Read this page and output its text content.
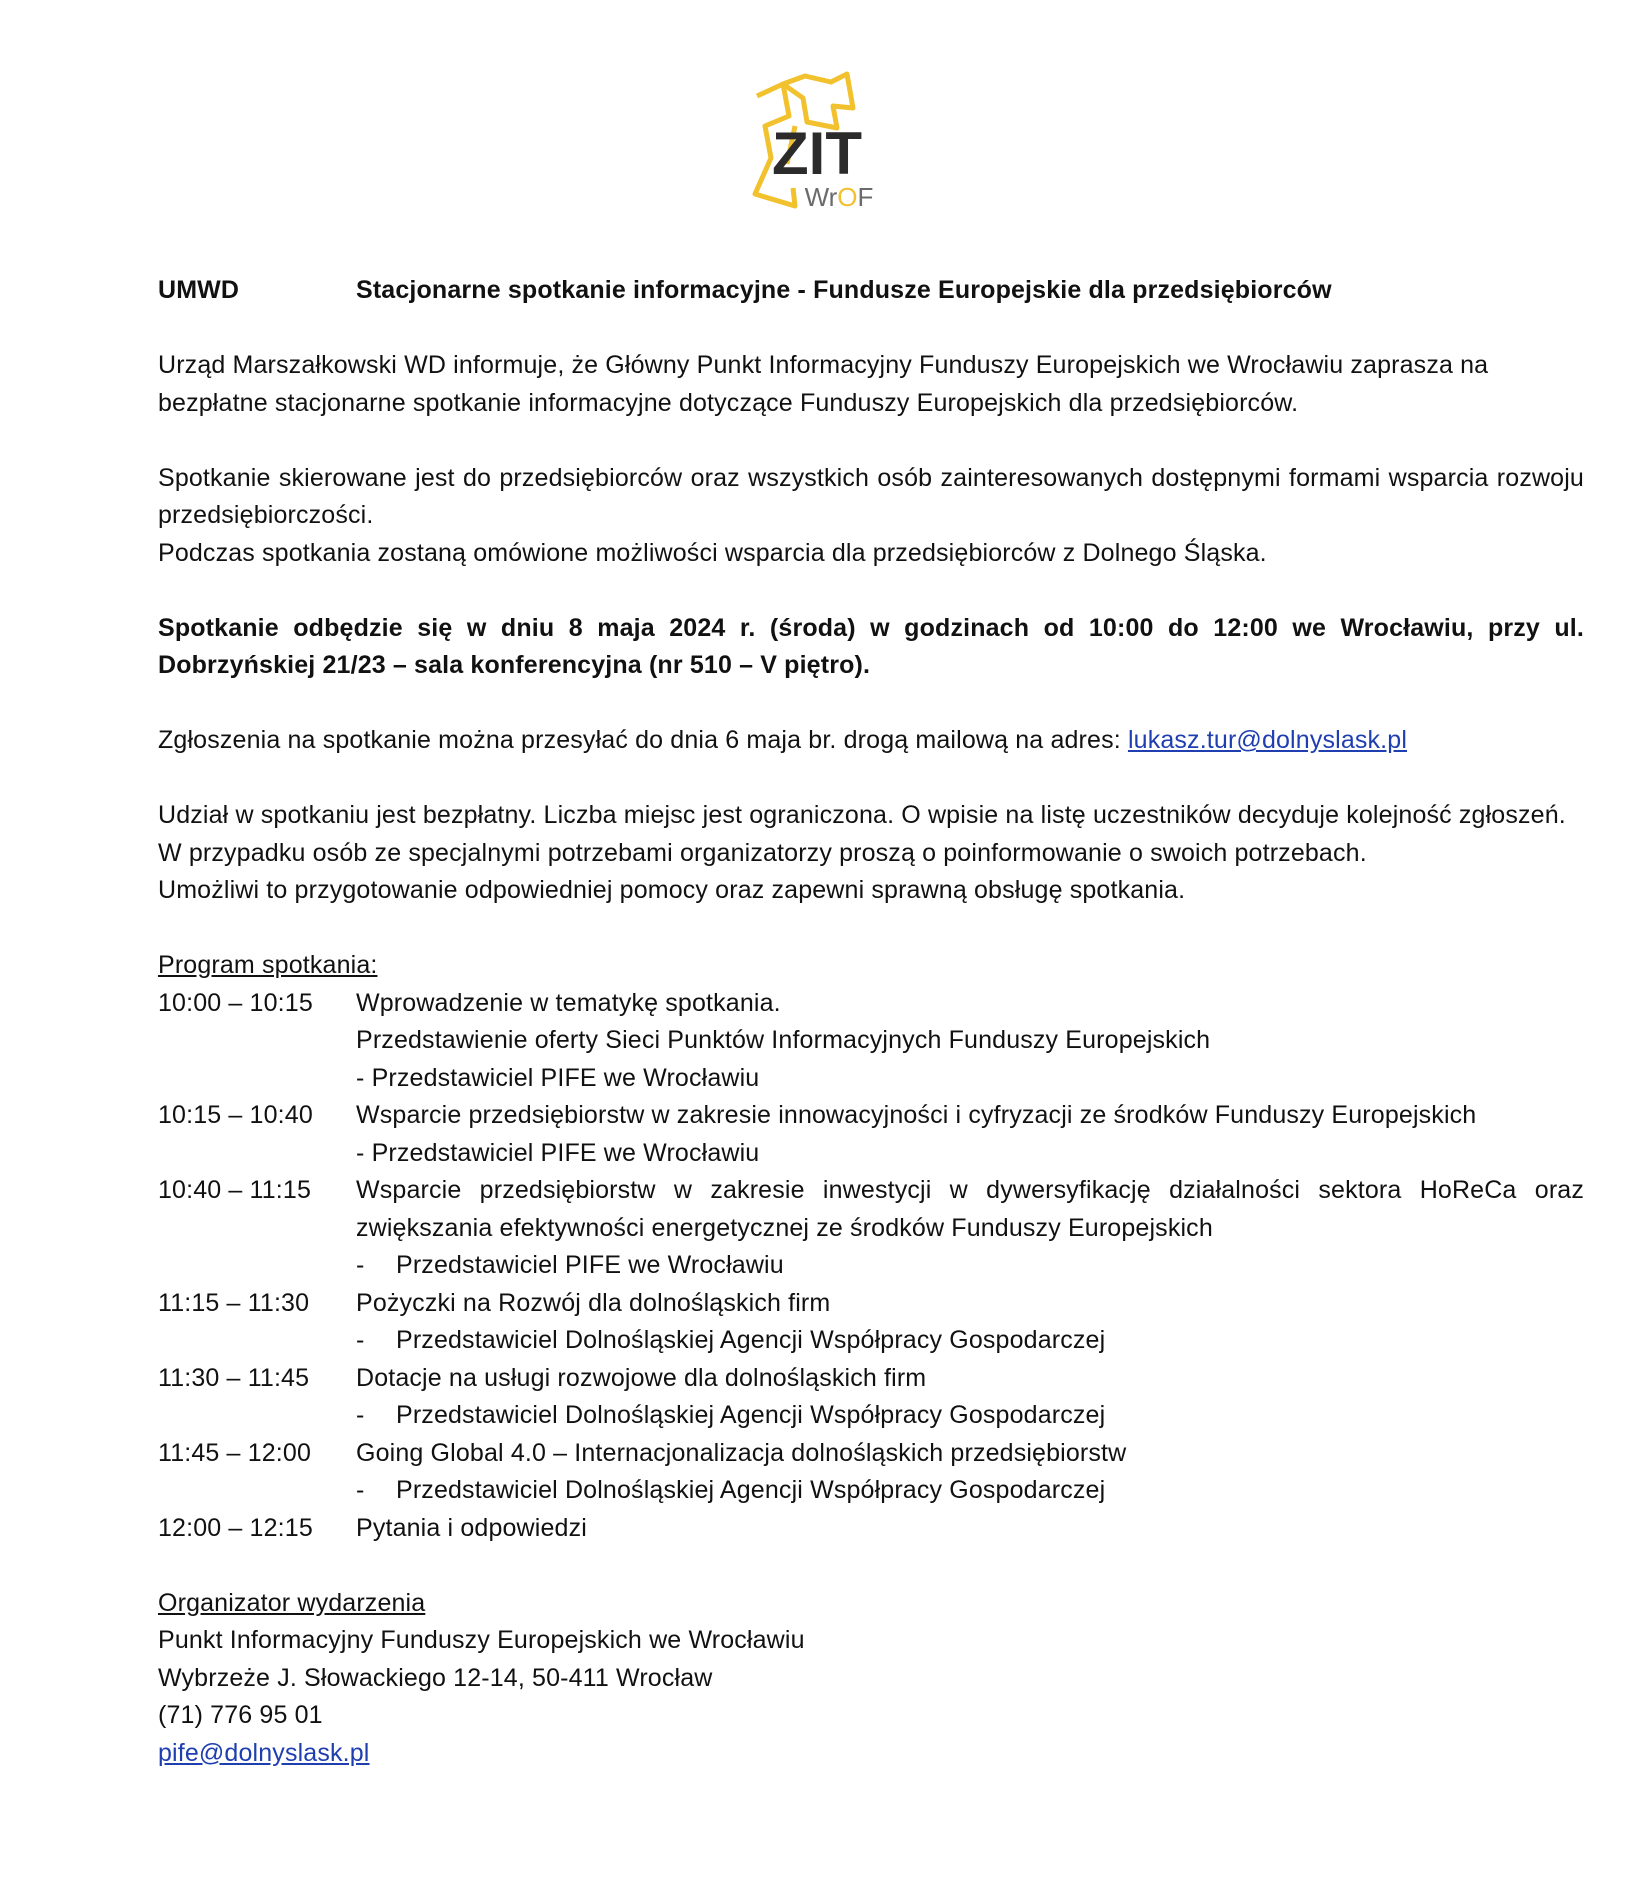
ZIT
WrOF
UMWD	Stacjonarne spotkanie informacyjne - Fundusze Europejskie dla przedsiębiorców

Urząd Marszałkowski WD informuje, że Główny Punkt Informacyjny Funduszy Europejskich we Wrocławiu zaprasza na bezpłatne stacjonarne spotkanie informacyjne dotyczące Funduszy Europejskich dla przedsiębiorców.

Spotkanie skierowane jest do przedsiębiorców oraz wszystkich osób zainteresowanych dostępnymi formami wsparcia rozwoju przedsiębiorczości.

Podczas spotkania zostaną omówione możliwości wsparcia dla przedsiębiorców z Dolnego Śląska.

Spotkanie odbędzie się w dniu 8 maja 2024 r. (środa) w godzinach od 10:00 do 12:00 we Wrocławiu, przy ul. Dobrzyńskiej 21/23 – sala konferencyjna (nr 510 – V piętro).

Zgłoszenia na spotkanie można przesyłać do dnia 6 maja br. drogą mailową na adres: lukasz.tur@dolnyslask.pl

Udział w spotkaniu jest bezpłatny. Liczba miejsc jest ograniczona. O wpisie na listę uczestników decyduje kolejność zgłoszeń.

W przypadku osób ze specjalnymi potrzebami organizatorzy proszą o poinformowanie o swoich potrzebach.

Umożliwi to przygotowanie odpowiedniej pomocy oraz zapewni sprawną obsługę spotkania.

Program spotkania:

10:00 – 10:15	Wprowadzenie w tematykę spotkania.
Przedstawienie oferty Sieci Punktów Informacyjnych Funduszy Europejskich
- Przedstawiciel PIFE we Wrocławiu
10:15 – 10:40	Wsparcie przedsiębiorstw w zakresie innowacyjności i cyfryzacji ze środków Funduszy Europejskich
- Przedstawiciel PIFE we Wrocławiu
10:40 – 11:15	Wsparcie przedsiębiorstw w zakresie inwestycji w dywersyfikację działalności sektora HoReCa oraz zwiększania efektywności energetycznej ze środków Funduszy Europejskich
-	Przedstawiciel PIFE we Wrocławiu
11:15 – 11:30	Pożyczki na Rozwój dla dolnośląskich firm
-	Przedstawiciel Dolnośląskiej Agencji Współpracy Gospodarczej
11:30 – 11:45	Dotacje na usługi rozwojowe dla dolnośląskich firm
-	Przedstawiciel Dolnośląskiej Agencji Współpracy Gospodarczej
11:45 – 12:00	Going Global 4.0 – Internacjonalizacja dolnośląskich przedsiębiorstw
-	Przedstawiciel Dolnośląskiej Agencji Współpracy Gospodarczej
12:00 – 12:15	Pytania i odpowiedzi

Organizator wydarzenia

Punkt Informacyjny Funduszy Europejskich we Wrocławiu

Wybrzeże J. Słowackiego 12-14, 50-411 Wrocław

(71) 776 95 01

pife@dolnyslask.pl
